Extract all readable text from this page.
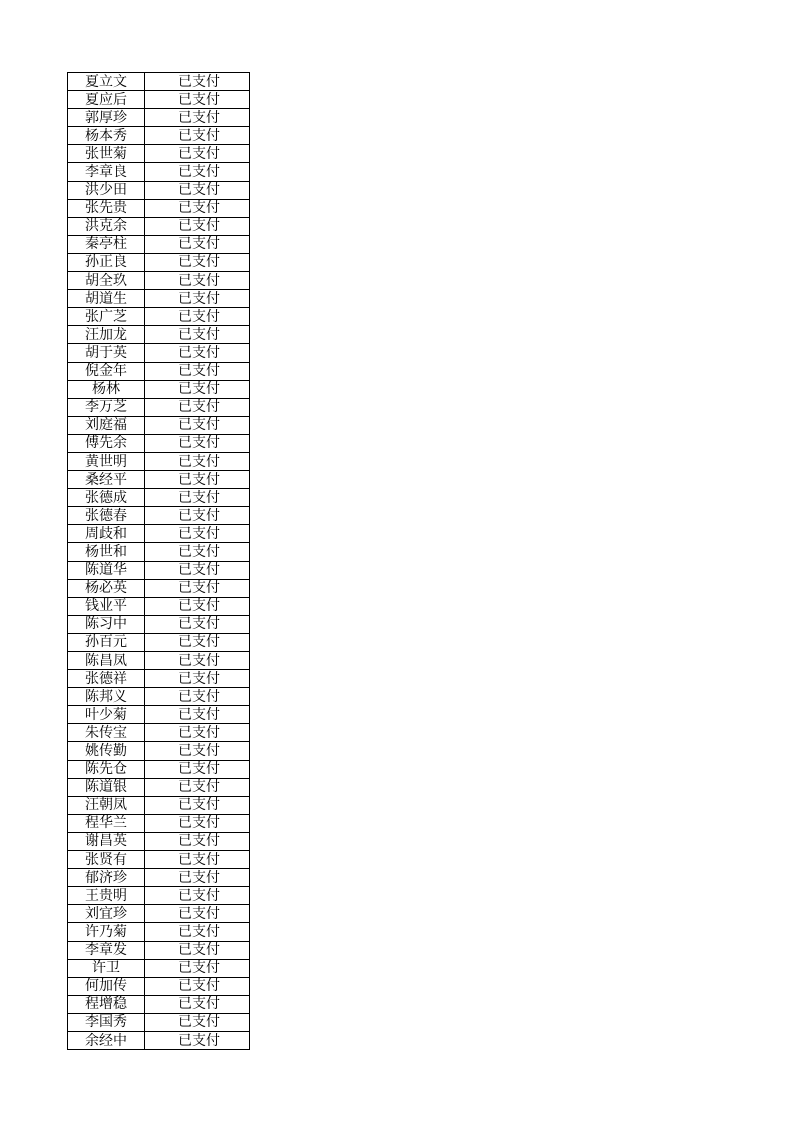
夏立文	已支付
夏应后	已支付
郭厚珍	已支付
杨本秀	已支付
张世菊	已支付
李章良	已支付
洪少田	已支付
张先贵	已支付
洪克余	已支付
秦亭柱	已支付
孙正良	已支付
胡全玖	已支付
胡道生	已支付
张广芝	已支付
汪加龙	已支付
胡于英	已支付
倪金年	已支付
杨林	已支付
李万芝	已支付
刘庭福	已支付
傅先余	已支付
黄世明	已支付
桑经平	已支付
张德成	已支付
张德春	已支付
周歧和	已支付
杨世和	已支付
陈道华	已支付
杨必英	已支付
钱业平	已支付
陈习中	已支付
孙百元	已支付
陈昌凤	已支付
张德祥	已支付
陈邦义	已支付
叶少菊	已支付
朱传宝	已支付
姚传勤	已支付
陈先仓	已支付
陈道银	已支付
汪朝凤	已支付
程华兰	已支付
谢昌英	已支付
张贤有	已支付
郁济珍	已支付
王贵明	已支付
刘宜珍	已支付
许乃菊	已支付
李章发	已支付
许卫	已支付
何加传	已支付
程增稳	已支付
李国秀	已支付
余经中	已支付
